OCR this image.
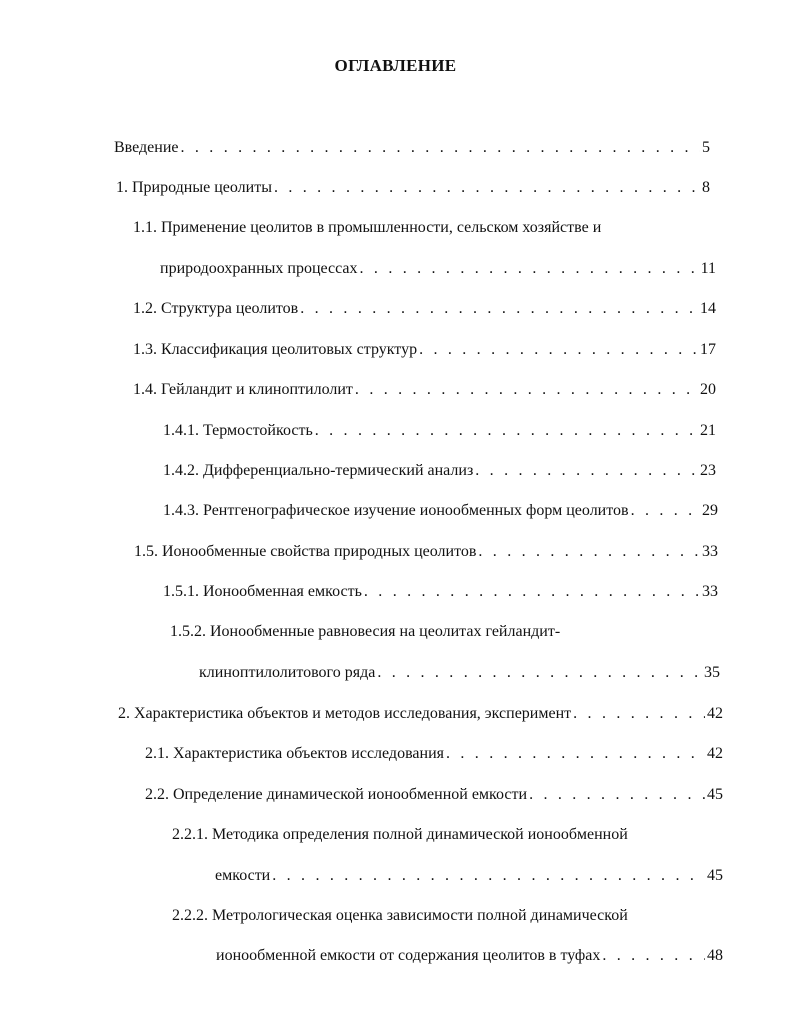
ОГЛАВЛЕНИЕ
Введение . . .	5
1. Природные цеолиты . . .	8
1.1. Применение цеолитов в промышленности, сельском хозяйстве и
природоохранных процессах . . .	11
1.2. Структура цеолитов . . .	14
1.3. Классификация цеолитовых структур . . .	17
1.4. Гейландит и клиноптилолит . . .	20
1.4.1. Термостойкость . . .	21
1.4.2. Дифференциально-термический анализ . . .	23
1.4.3. Рентгенографическое изучение ионообменных форм цеолитов . . .	29
1.5. Ионообменные свойства природных цеолитов . . .	33
1.5.1. Ионообменная емкость . . .	33
1.5.2. Ионообменные равновесия на цеолитах гейландит-
клиноптилолитового ряда . . .	35
2. Характеристика объектов и методов исследования, эксперимент . . .	42
2.1. Характеристика объектов исследования . . .	42
2.2. Определение динамической ионообменной емкости . . .	45
2.2.1. Методика определения полной динамической ионообменной
емкости . . .	45
2.2.2. Метрологическая оценка зависимости полной динамической
ионообменной емкости от содержания цеолитов в туфах . . .	48
